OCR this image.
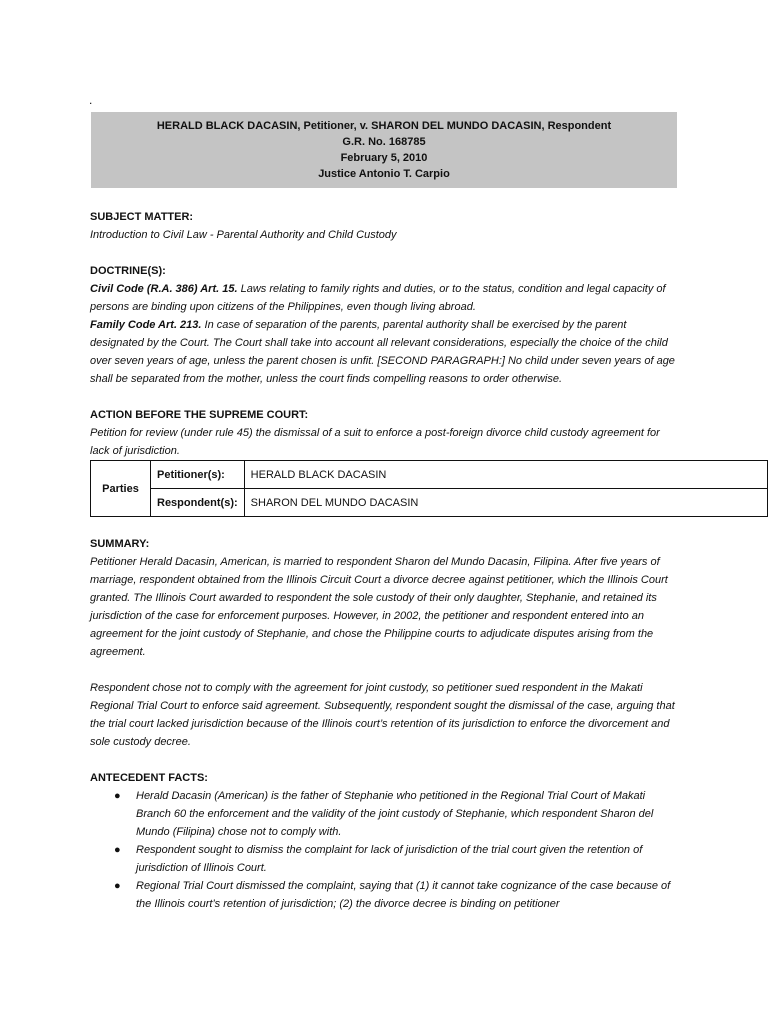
.
HERALD BLACK DACASIN, Petitioner, v. SHARON DEL MUNDO DACASIN, Respondent
G.R. No. 168785
February 5, 2010
Justice Antonio T. Carpio
SUBJECT MATTER:

Introduction to Civil Law - Parental Authority and Child Custody

DOCTRINE(S):

Civil Code (R.A. 386) Art. 15. Laws relating to family rights and duties, or to the status, condition and legal capacity of persons are binding upon citizens of the Philippines, even though living abroad.

Family Code Art. 213. In case of separation of the parents, parental authority shall be exercised by the parent designated by the Court. The Court shall take into account all relevant considerations, especially the choice of the child over seven years of age, unless the parent chosen is unfit. [SECOND PARAGRAPH:] No child under seven years of age shall be separated from the mother, unless the court finds compelling reasons to order otherwise.

ACTION BEFORE THE SUPREME COURT:

Petition for review (under rule 45) the dismissal of a suit to enforce a post-foreign divorce child custody agreement for lack of jurisdiction.

Parties	Petitioner(s):	HERALD BLACK DACASIN
	Respondent(s):	SHARON DEL MUNDO DACASIN
SUMMARY:

Petitioner Herald Dacasin, American, is married to respondent Sharon del Mundo Dacasin, Filipina. After five years of marriage, respondent obtained from the Illinois Circuit Court a divorce decree against petitioner, which the Illinois Court granted. The Illinois Court awarded to respondent the sole custody of their only daughter, Stephanie, and retained its jurisdiction of the case for enforcement purposes. However, in 2002, the petitioner and respondent entered into an agreement for the joint custody of Stephanie, and chose the Philippine courts to adjudicate disputes arising from the agreement.

Respondent chose not to comply with the agreement for joint custody, so petitioner sued respondent in the Makati Regional Trial Court to enforce said agreement. Subsequently, respondent sought the dismissal of the case, arguing that the trial court lacked jurisdiction because of the Illinois court’s retention of its jurisdiction to enforce the divorcement and sole custody decree.

ANTECEDENT FACTS:
● Herald Dacasin (American) is the father of Stephanie who petitioned in the Regional Trial Court of Makati Branch 60 the enforcement and the validity of the joint custody of Stephanie, which respondent Sharon del Mundo (Filipina) chose not to comply with.
● Respondent sought to dismiss the complaint for lack of jurisdiction of the trial court given the retention of jurisdiction of Illinois Court.
● Regional Trial Court dismissed the complaint, saying that (1) it cannot take cognizance of the case because of the Illinois court’s retention of jurisdiction; (2) the divorce decree is binding on petitioner
